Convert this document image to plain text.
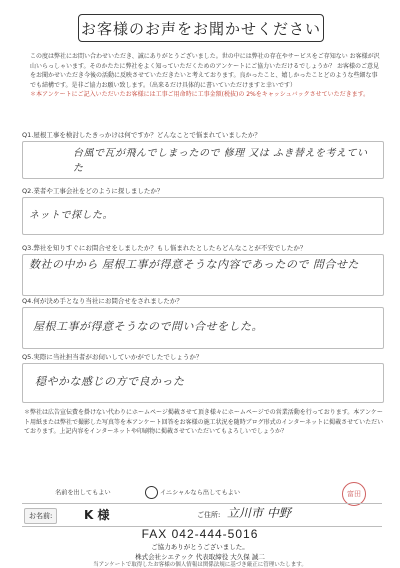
お客様のお声をお聞かせください
この度は弊社にお問い合わせいただき、誠にありがとうございました。世の中には弊社の存在やサービスをご存知ない お客様が沢山いらっしゃいます。そのかたたに弊社をよく知っていただくためのアンケートにご協力いただけるでしょうか？ お客様のご意見をお聞かせいただき今後の活動に反映させていただきたいと考えております。良かったこと、嬉しかったことどのような些細な事でも結構です。是非ご協力お願い致します。（出来るだけ具体的に書いていただけますと幸いです）
＊本アンケートにご記入いただいたお客様には工事ご用命時に工事金額(税抜)の 2%をキャッシュバックさせていただきます。
Q1.屋根工事を検討したきっかけは何ですか？どんなことで悩まれていましたか？
台風で瓦が飛んでしまったので 修理 又は ふき替えを考えていた
Q2.業者や工事会社をどのように探しましたか？
ネットで探した。
Q3.弊社を知りすぐにお問合せをしましたか？もし悩まれたとしたらどんなことが不安でしたか？
数社の中から 屋根工事が得意そうな内容であったので 問合せた
Q4.何が決め手となり当社にお問合せをされましたか？
屋根工事が得意そうなので問い合せをした。
Q5.実際に当社担当者がお伺いしていかがでしたでしょうか？
穏やかな感じの方で良かった
＊弊社は広告宣伝費を掛けない代わりにホームページ掲載させて頂き様々にホームページでの営業活動を行っております。本アンケート用紙または弊社で撮影した写真等を本アンケート回答をお客様の施工状況を随時ブログ形式のインターネットに掲載させていただいております。上記内容をインターネットや印刷物に掲載させていただいてもよろしいでしょうか？
名前を出してもよい	イニシャルなら出してもよい	富田
お名前:	K 様	ご住所: 立川市 中野
FAX 042-444-5016
ご協力ありがとうございました。
株式会社シエテック 代表取締役 大久保 誠二
当アンケートで取得したお客様の個人情報は関係法規に基づき厳正に管理いたします。
